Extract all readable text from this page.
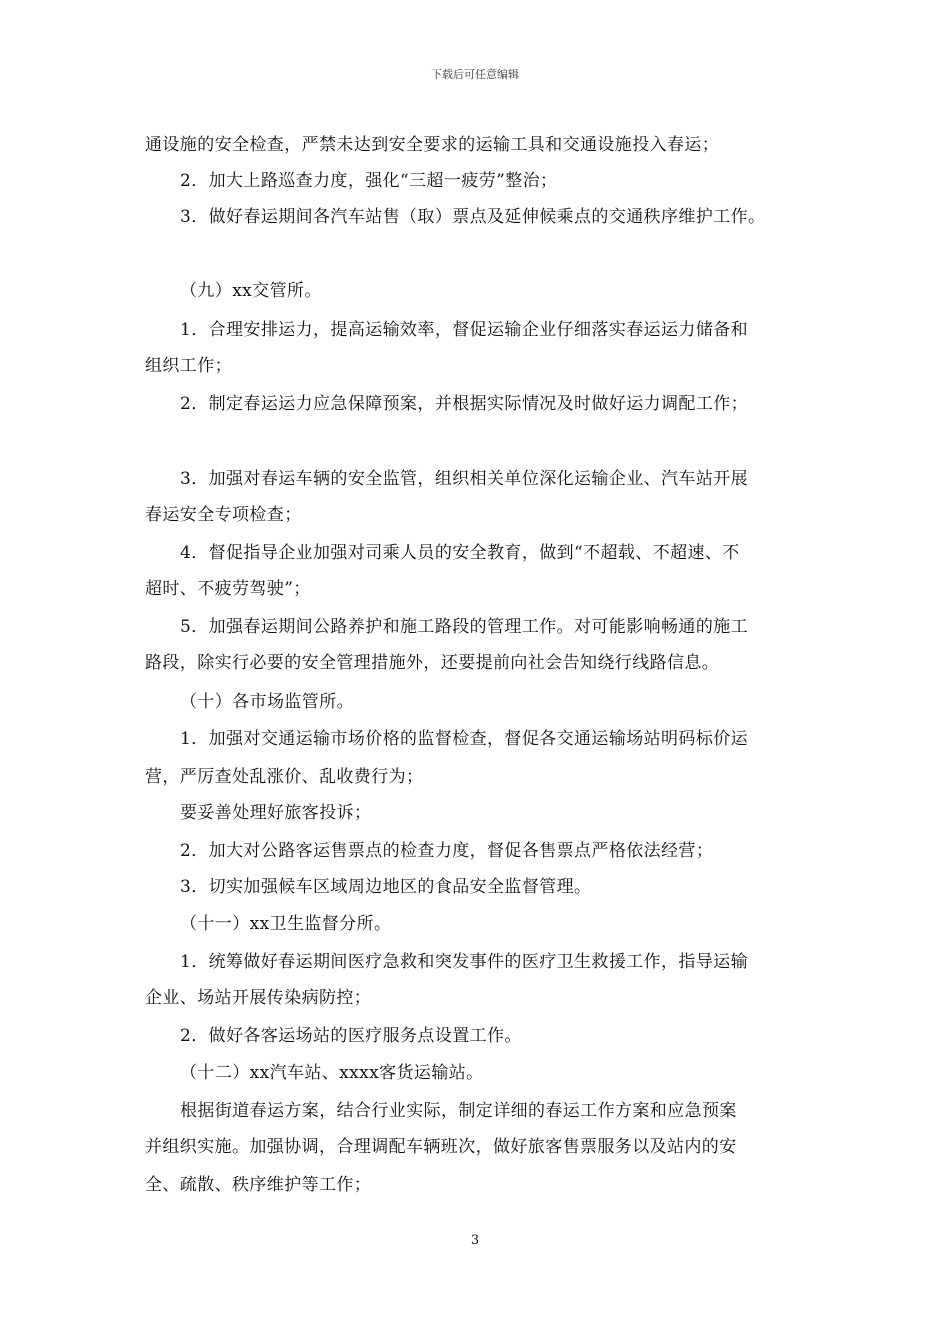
下载后可任意编辑
通设施的安全检查，严禁未达到安全要求的运输工具和交通设施投入春运；
2．加大上路巡查力度，强化“三超一疲劳”整治；
3．做好春运期间各汽车站售（取）票点及延伸候乘点的交通秩序维护工作。
（九）xx交管所。
1．合理安排运力，提高运输效率，督促运输企业仔细落实春运运力储备和
组织工作；
2．制定春运运力应急保障预案，并根据实际情况及时做好运力调配工作；
3．加强对春运车辆的安全监管，组织相关单位深化运输企业、汽车站开展
春运安全专项检查；
4．督促指导企业加强对司乘人员的安全教育，做到“不超载、不超速、不
超时、不疲劳驾驶”；
5．加强春运期间公路养护和施工路段的管理工作。对可能影响畅通的施工
路段，除实行必要的安全管理措施外，还要提前向社会告知绕行线路信息。
（十）各市场监管所。
1．加强对交通运输市场价格的监督检查，督促各交通运输场站明码标价运
营，严厉查处乱涨价、乱收费行为；
要妥善处理好旅客投诉；
2．加大对公路客运售票点的检查力度，督促各售票点严格依法经营；
3．切实加强候车区域周边地区的食品安全监督管理。
（十一）xx卫生监督分所。
1．统筹做好春运期间医疗急救和突发事件的医疗卫生救援工作，指导运输
企业、场站开展传染病防控；
2．做好各客运场站的医疗服务点设置工作。
（十二）xx汽车站、xxxx客货运输站。
根据街道春运方案，结合行业实际，制定详细的春运工作方案和应急预案
并组织实施。加强协调，合理调配车辆班次，做好旅客售票服务以及站内的安
全、疏散、秩序维护等工作；
3
